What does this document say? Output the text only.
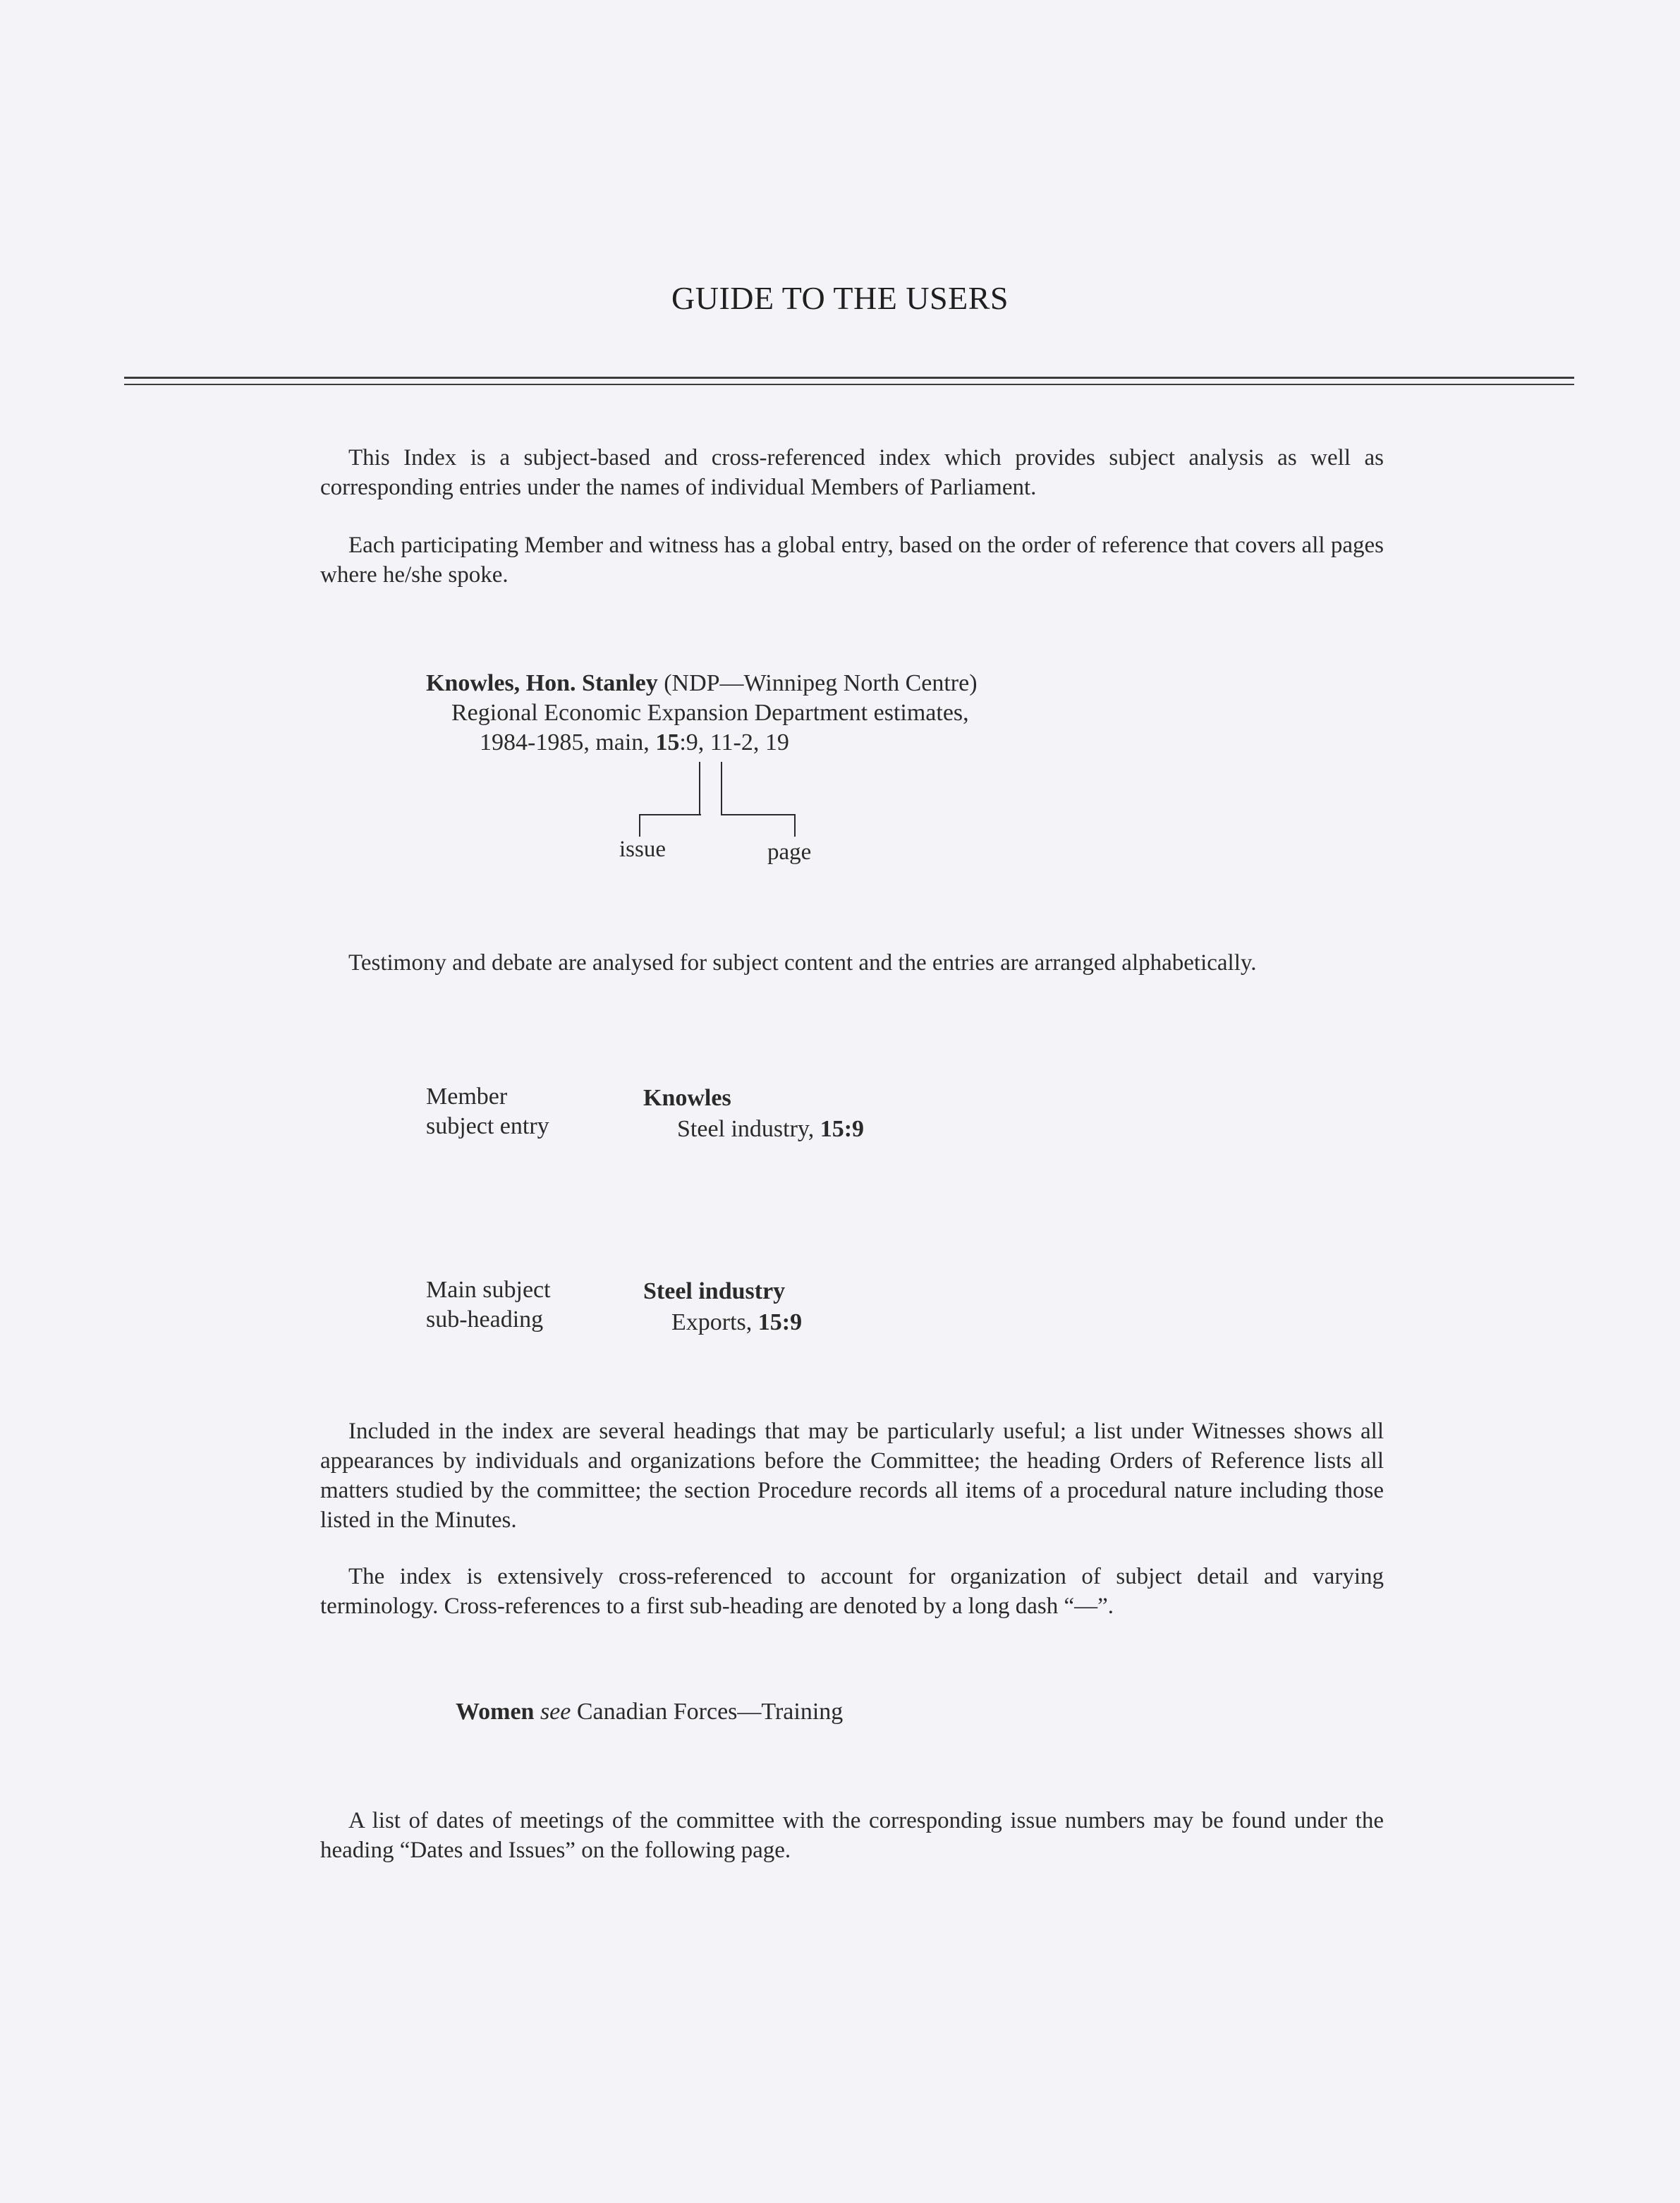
GUIDE TO THE USERS
This Index is a subject-based and cross-referenced index which provides subject analysis as well as corresponding entries under the names of individual Members of Parliament.
Each participating Member and witness has a global entry, based on the order of reference that covers all pages where he/she spoke.
Knowles, Hon. Stanley (NDP—Winnipeg North Centre)
Regional Economic Expansion Department estimates,
1984-1985, main, 15:9, 11-2, 19
issue	page
Testimony and debate are analysed for subject content and the entries are arranged alphabetically.
Member
subject entry
Knowles
Steel industry, 15:9
Main subject
sub-heading
Steel industry
Exports, 15:9
Included in the index are several headings that may be particularly useful; a list under Witnesses shows all appearances by individuals and organizations before the Committee; the heading Orders of Reference lists all matters studied by the committee; the section Procedure records all items of a procedural nature including those listed in the Minutes.
The index is extensively cross-referenced to account for organization of subject detail and varying terminology. Cross-references to a first sub-heading are denoted by a long dash “—”.
Women see Canadian Forces—Training
A list of dates of meetings of the committee with the corresponding issue numbers may be found under the heading “Dates and Issues” on the following page.
